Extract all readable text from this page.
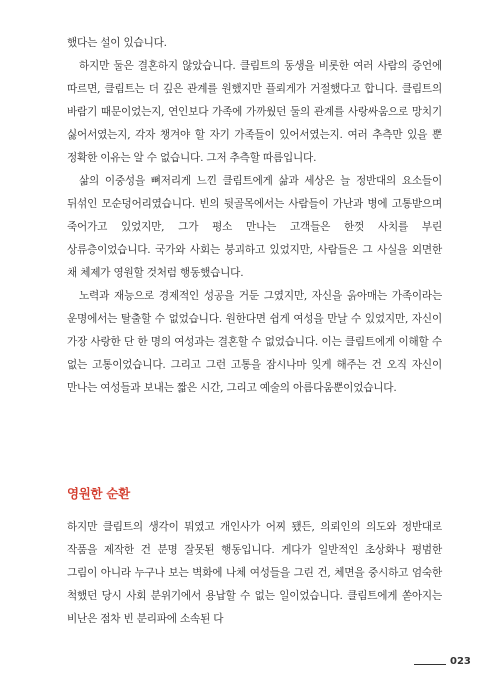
했다는 설이 있습니다.

하지만 둘은 결혼하지 않았습니다. 클림트의 동생을 비롯한 여러 사람의 증언에 따르면, 클림트는 더 깊은 관계를 원했지만 플뢰게가 거절했다고 합니다. 클림트의 바람기 때문이었는지, 연인보다 가족에 가까웠던 둘의 관계를 사랑싸움으로 망치기 싫어서였는지, 각자 챙겨야 할 자기 가족들이 있어서였는지. 여러 추측만 있을 뿐 정확한 이유는 알 수 없습니다. 그저 추측할 따름입니다.

삶의 이중성을 뼈저리게 느낀 클림트에게 삶과 세상은 늘 정반대의 요소들이 뒤섞인 모순덩어리였습니다. 빈의 뒷골목에서는 사람들이 가난과 병에 고통받으며 죽어가고 있었지만, 그가 평소 만나는 고객들은 한껏 사치를 부린 상류층이었습니다. 국가와 사회는 붕괴하고 있었지만, 사람들은 그 사실을 외면한 채 체제가 영원할 것처럼 행동했습니다.

노력과 재능으로 경제적인 성공을 거둔 그였지만, 자신을 옭아매는 가족이라는 운명에서는 탈출할 수 없었습니다. 원한다면 쉽게 여성을 만날 수 있었지만, 자신이 가장 사랑한 단 한 명의 여성과는 결혼할 수 없었습니다. 이는 클림트에게 이해할 수 없는 고통이었습니다. 그리고 그런 고통을 잠시나마 잊게 해주는 건 오직 자신이 만나는 여성들과 보내는 짧은 시간, 그리고 예술의 아름다움뿐이었습니다.

영원한 순환

하지만 클림트의 생각이 뭐였고 개인사가 어찌 됐든, 의뢰인의 의도와 정반대로 작품을 제작한 건 분명 잘못된 행동입니다. 게다가 일반적인 초상화나 평범한 그림이 아니라 누구나 보는 벽화에 나체 여성들을 그린 건, 체면을 중시하고 엄숙한 척했던 당시 사회 분위기에서 용납할 수 없는 일이었습니다. 클림트에게 쏟아지는 비난은 점차 빈 분리파에 소속된 다

023
